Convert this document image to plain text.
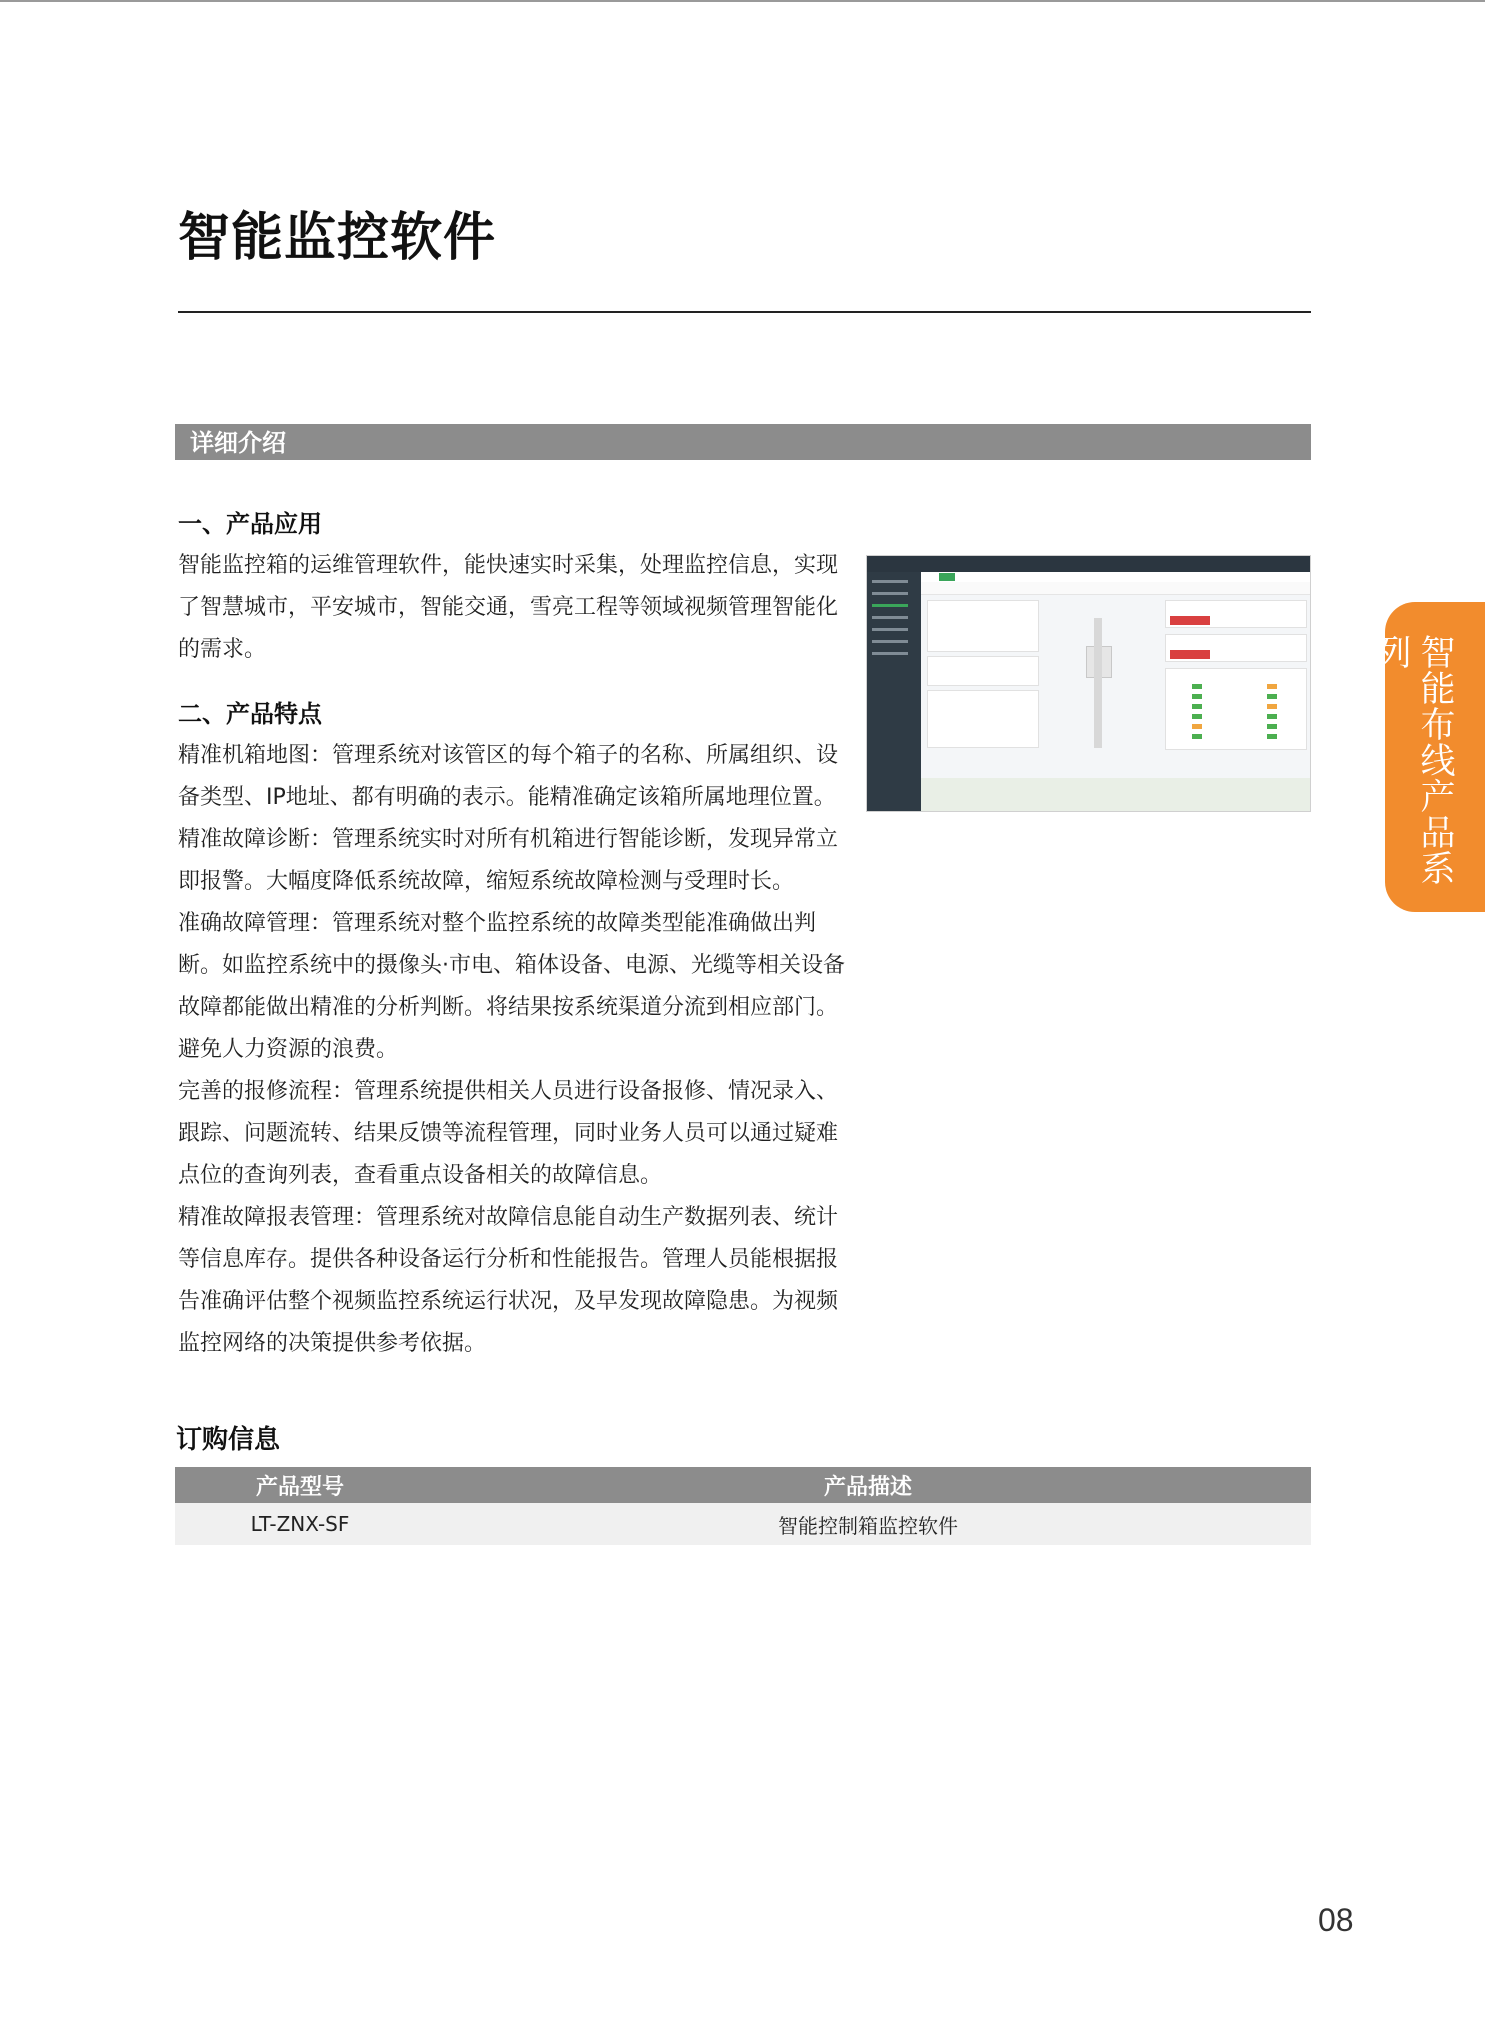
智能监控软件
详细介绍

一、产品应用

智能监控箱的运维管理软件，能快速实时采集，处理监控信息，实现

了智慧城市，平安城市，智能交通，雪亮工程等领域视频管理智能化

的需求。

二、产品特点

精准机箱地图：管理系统对该管区的每个箱子的名称、所属组织、设

备类型、IP地址、都有明确的表示。能精准确定该箱所属地理位置。

精准故障诊断：管理系统实时对所有机箱进行智能诊断，发现异常立

即报警。大幅度降低系统故障，缩短系统故障检测与受理时长。

准确故障管理：管理系统对整个监控系统的故障类型能准确做出判

断。如监控系统中的摄像头·市电、箱体设备、电源、光缆等相关设备

故障都能做出精准的分析判断。将结果按系统渠道分流到相应部门。

避免人力资源的浪费。

完善的报修流程：管理系统提供相关人员进行设备报修、情况录入、

跟踪、问题流转、结果反馈等流程管理，同时业务人员可以通过疑难

点位的查询列表，查看重点设备相关的故障信息。

精准故障报表管理：管理系统对故障信息能自动生产数据列表、统计

等信息库存。提供各种设备运行分析和性能报告。管理人员能根据报

告准确评估整个视频监控系统运行状况，及早发现故障隐患。为视频

监控网络的决策提供参考依据。

智能布线产品系列
订购信息
产品型号	产品描述
LT-ZNX-SF	智能控制箱监控软件
08
